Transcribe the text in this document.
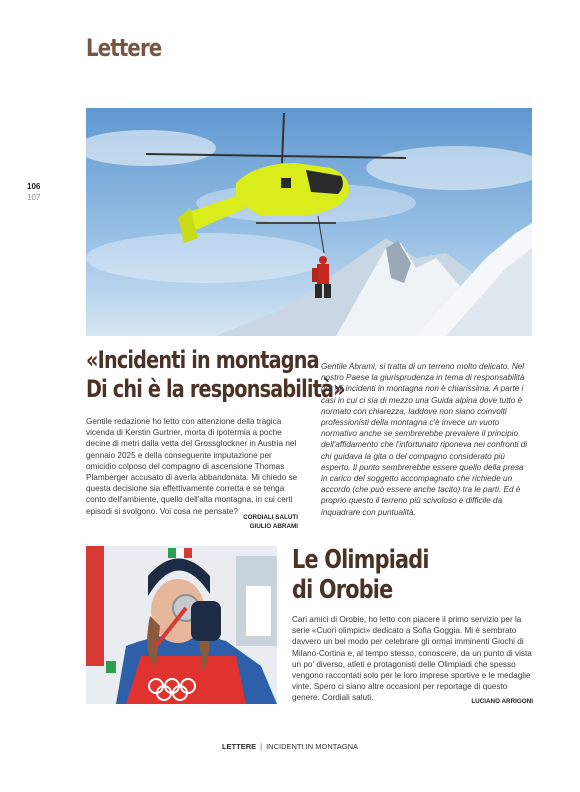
Lettere
106
107
«Incidenti in montagna
Di chi è la responsabilità»
Gentile redazione ho letto con attenzione della tragica vicenda di Kerstin Gurtner, morta di ipotermia a poche decine di metri dalla vetta del Grossglockner in Austria nel gennaio 2025 e della conseguente imputazione per omicidio colposo del compagno di ascensione Thomas Plamberger accusato di averla abbandonata. Mi chiedo se questa decisione sia effettivamente corretta e se tenga conto dell'ambiente, quello dell'alta montagna, in cui certi episodi si svolgono. Voi cosa ne pensate?
CORDIALI SALUTI
GIULIO ABRAMI
Gentile Abrami, si tratta di un terreno molto delicato. Nel nostro Paese la giurisprudenza in tema di responsabilità per gli incidenti in montagna non è chiarissima. A parte i casi in cui ci sia di mezzo una Guida alpina dove tutto è normato con chiarezza, laddove non siano coinvolti professionisti della montagna c'è invece un vuoto normativo anche se sembrerebbe prevalere il principio dell'affidamento che l'infortunato riponeva nei confronti di chi guidava la gita o del compagno considerato più esperto. Il punto sembrerebbe essere quello della presa in carico del soggetto accompagnato che richiede un accordo (che può essere anche tacito) tra le parti. Ed è proprio questo il terreno più scivoloso e difficile da inquadrare con puntualità.
Le Olimpiadi
di Orobie
Cari amici di Orobie, ho letto con piacere il primo servizio per la serie «Cuori olimpici» dedicato a Sofia Goggia. Mi è sembrato davvero un bel modo per celebrare gli ormai imminenti Giochi di Milano-Cortina e, al tempo stesso, conoscere, da un punto di vista un po' diverso, atleti e protagonisti delle Olimpiadi che spesso vengono raccontati solo per le loro imprese sportive e le medaglie vinte. Spero ci siano altre occasioni per reportage di questo genere. Cordiali saluti.	LUCIANO ARRIGONI
LETTERE | INCIDENTI IN MONTAGNA
